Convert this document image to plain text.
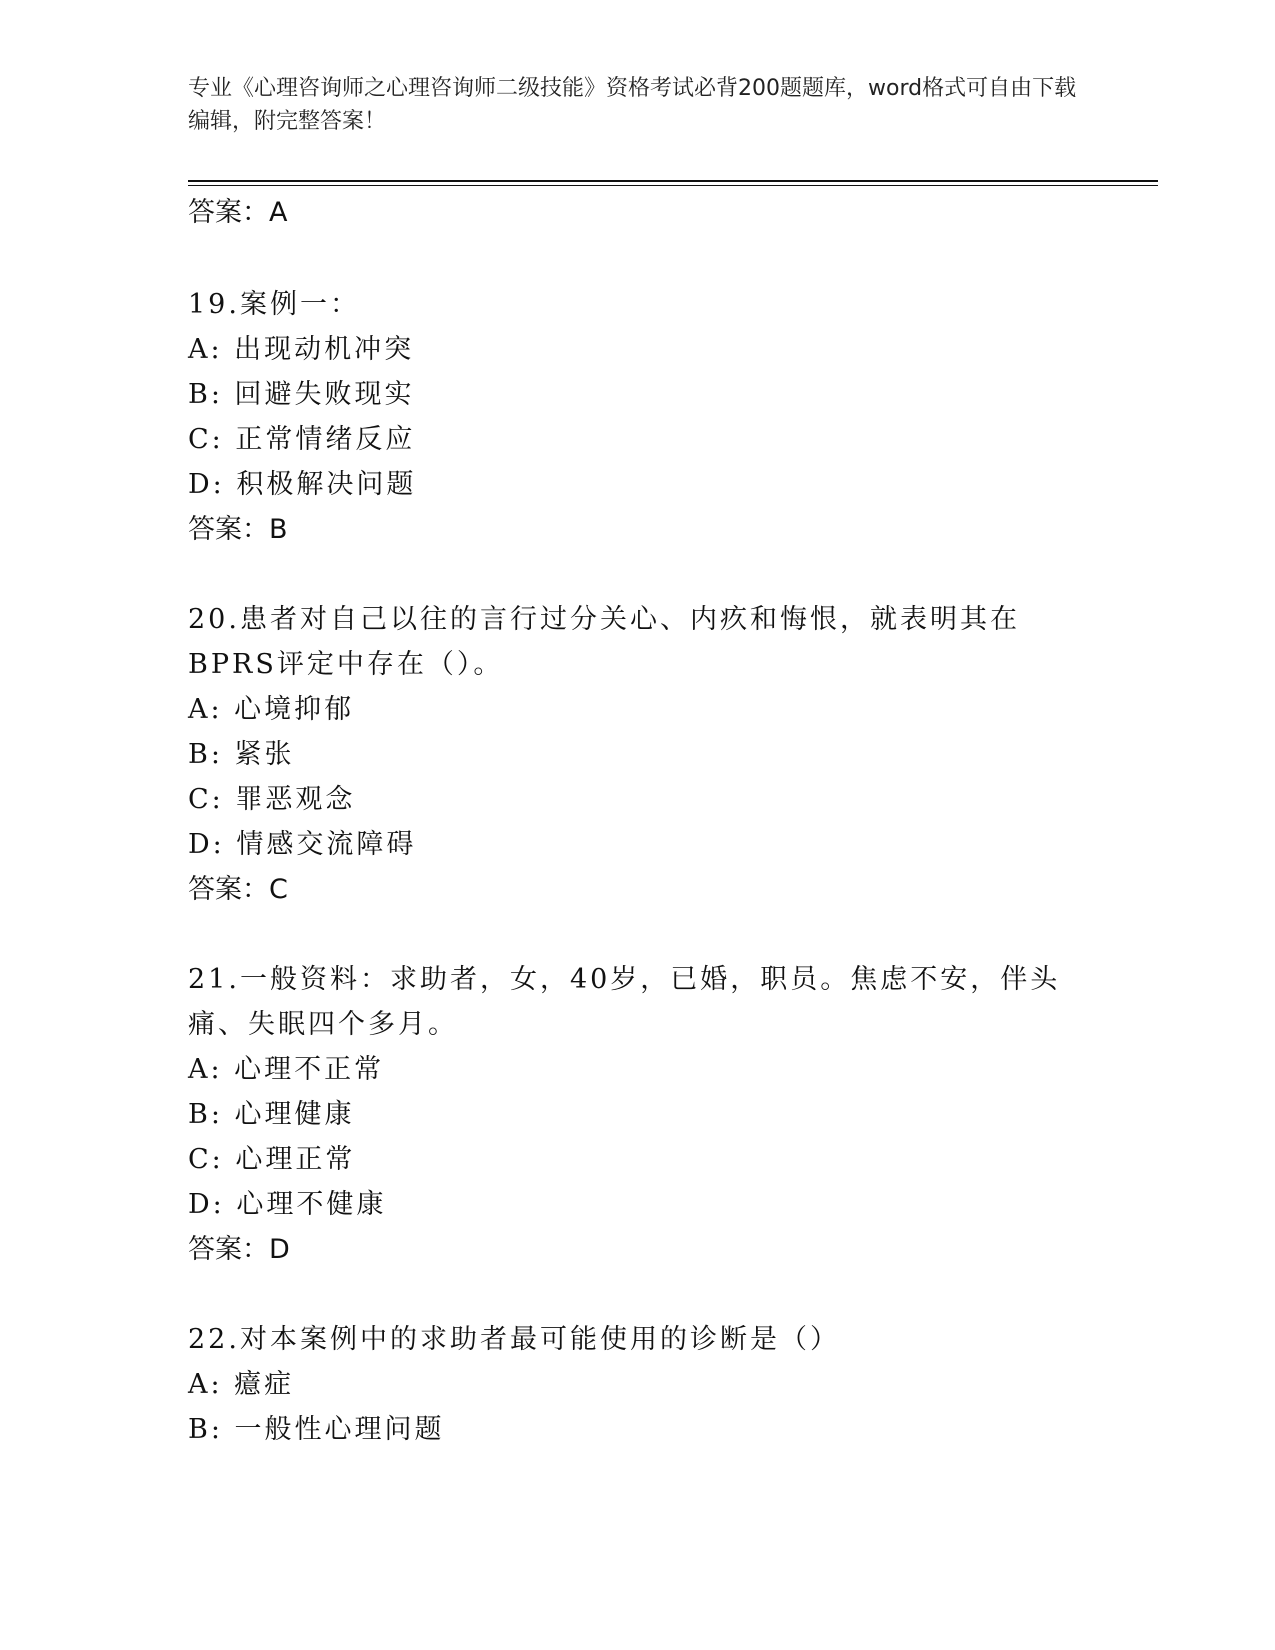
专业《心理咨询师之心理咨询师二级技能》资格考试必背200题题库，word格式可自由下载编辑，附完整答案！
答案：A
19.案例一：
A: 出现动机冲突
B: 回避失败现实
C: 正常情绪反应
D: 积极解决问题
答案：B
20.患者对自己以往的言行过分关心、内疚和悔恨，就表明其在BPRS评定中存在（）。
A: 心境抑郁
B: 紧张
C: 罪恶观念
D: 情感交流障碍
答案：C
21.一般资料：求助者，女，40岁，已婚，职员。焦虑不安，伴头痛、失眠四个多月。
A: 心理不正常
B: 心理健康
C: 心理正常
D: 心理不健康
答案：D
22.对本案例中的求助者最可能使用的诊断是（）
A: 癔症
B: 一般性心理问题
